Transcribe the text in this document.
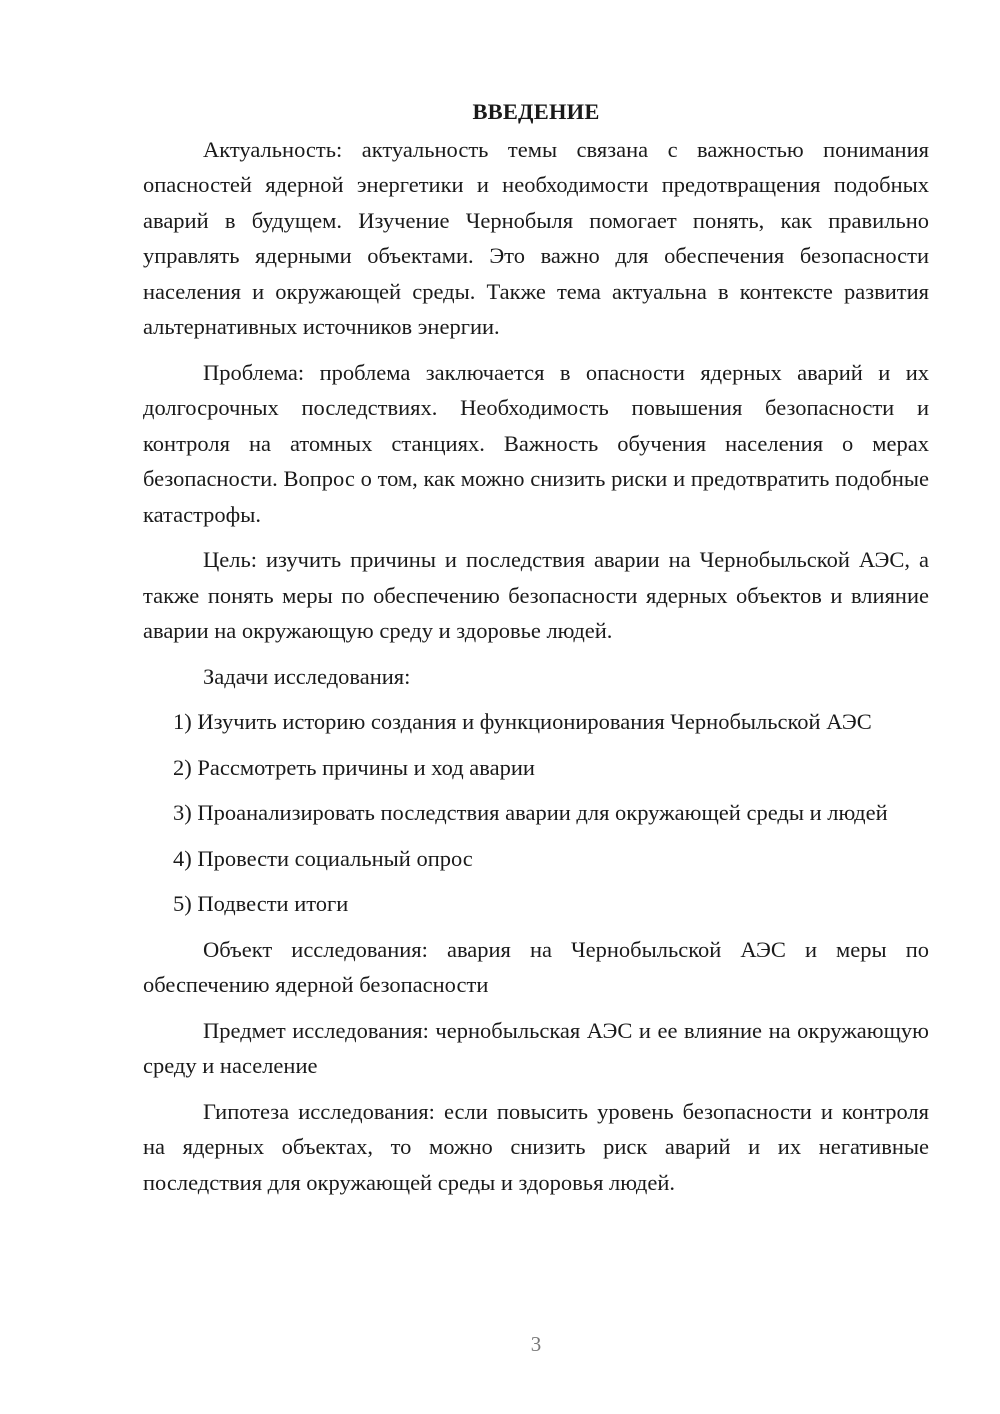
ВВЕДЕНИЕ

Актуальность: актуальность темы связана с важностью понимания опасностей ядерной энергетики и необходимости предотвращения подобных аварий в будущем. Изучение Чернобыля помогает понять, как правильно управлять ядерными объектами. Это важно для обеспечения безопасности населения и окружающей среды. Также тема актуальна в контексте развития альтернативных источников энергии.

Проблема: проблема заключается в опасности ядерных аварий и их долгосрочных последствиях. Необходимость повышения безопасности и контроля на атомных станциях. Важность обучения населения о мерах безопасности. Вопрос о том, как можно снизить риски и предотвратить подобные катастрофы.

Цель: изучить причины и последствия аварии на Чернобыльской АЭС, а также понять меры по обеспечению безопасности ядерных объектов и влияние аварии на окружающую среду и здоровье людей.

Задачи исследования:

1) Изучить историю создания и функционирования Чернобыльской АЭС

2) Рассмотреть причины и ход аварии

3) Проанализировать последствия аварии для окружающей среды и людей

4) Провести социальный опрос

5) Подвести итоги

Объект исследования: авария на Чернобыльской АЭС и меры по обеспечению ядерной безопасности

Предмет исследования: чернобыльская АЭС и ее влияние на окружающую среду и население

Гипотеза исследования: если повысить уровень безопасности и контроля на ядерных объектах, то можно снизить риск аварий и их негативные последствия для окружающей среды и здоровья людей.

3
